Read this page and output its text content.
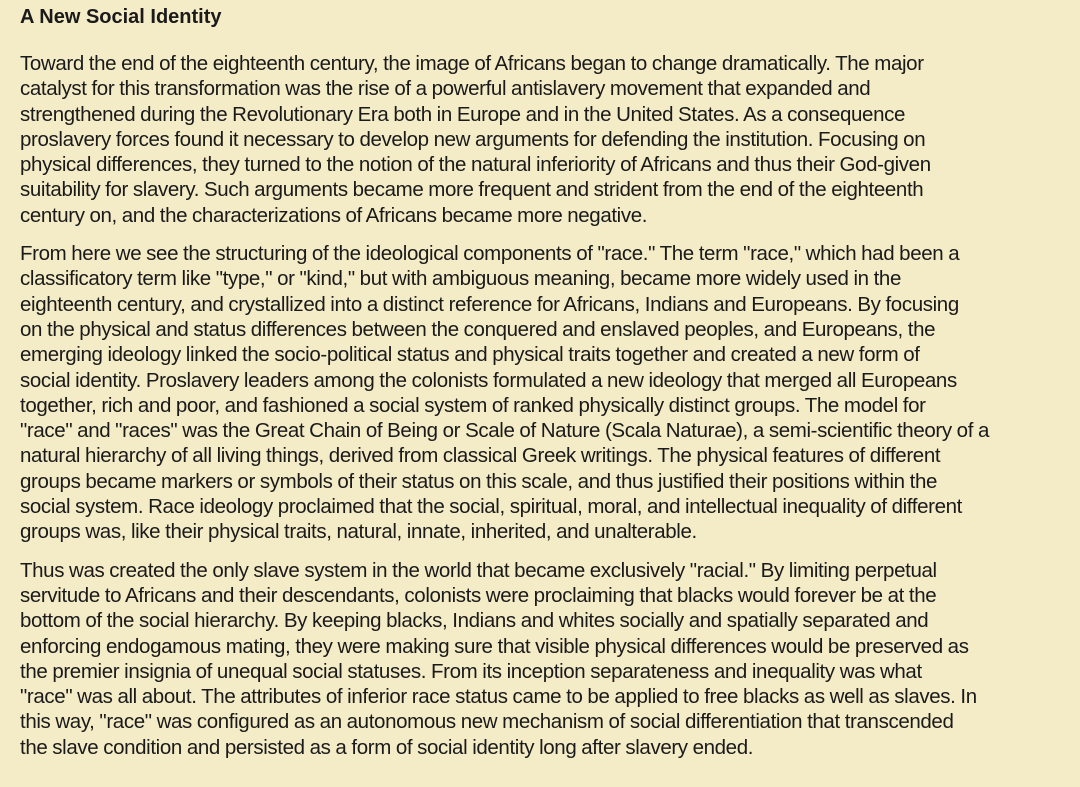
A New Social Identity

Toward the end of the eighteenth century, the image of Africans began to change dramatically. The major
catalyst for this transformation was the rise of a powerful antislavery movement that expanded and
strengthened during the Revolutionary Era both in Europe and in the United States. As a consequence
proslavery forces found it necessary to develop new arguments for defending the institution. Focusing on
physical differences, they turned to the notion of the natural inferiority of Africans and thus their God-given
suitability for slavery. Such arguments became more frequent and strident from the end of the eighteenth
century on, and the characterizations of Africans became more negative.

From here we see the structuring of the ideological components of "race." The term "race," which had been a
classificatory term like "type," or "kind," but with ambiguous meaning, became more widely used in the
eighteenth century, and crystallized into a distinct reference for Africans, Indians and Europeans. By focusing
on the physical and status differences between the conquered and enslaved peoples, and Europeans, the
emerging ideology linked the socio-political status and physical traits together and created a new form of
social identity. Proslavery leaders among the colonists formulated a new ideology that merged all Europeans
together, rich and poor, and fashioned a social system of ranked physically distinct groups. The model for
"race" and "races" was the Great Chain of Being or Scale of Nature (Scala Naturae), a semi-scientific theory of a
natural hierarchy of all living things, derived from classical Greek writings. The physical features of different
groups became markers or symbols of their status on this scale, and thus justified their positions within the
social system. Race ideology proclaimed that the social, spiritual, moral, and intellectual inequality of different
groups was, like their physical traits, natural, innate, inherited, and unalterable.

Thus was created the only slave system in the world that became exclusively "racial." By limiting perpetual
servitude to Africans and their descendants, colonists were proclaiming that blacks would forever be at the
bottom of the social hierarchy. By keeping blacks, Indians and whites socially and spatially separated and
enforcing endogamous mating, they were making sure that visible physical differences would be preserved as
the premier insignia of unequal social statuses. From its inception separateness and inequality was what
"race" was all about. The attributes of inferior race status came to be applied to free blacks as well as slaves. In
this way, "race" was configured as an autonomous new mechanism of social differentiation that transcended
the slave condition and persisted as a form of social identity long after slavery ended.
